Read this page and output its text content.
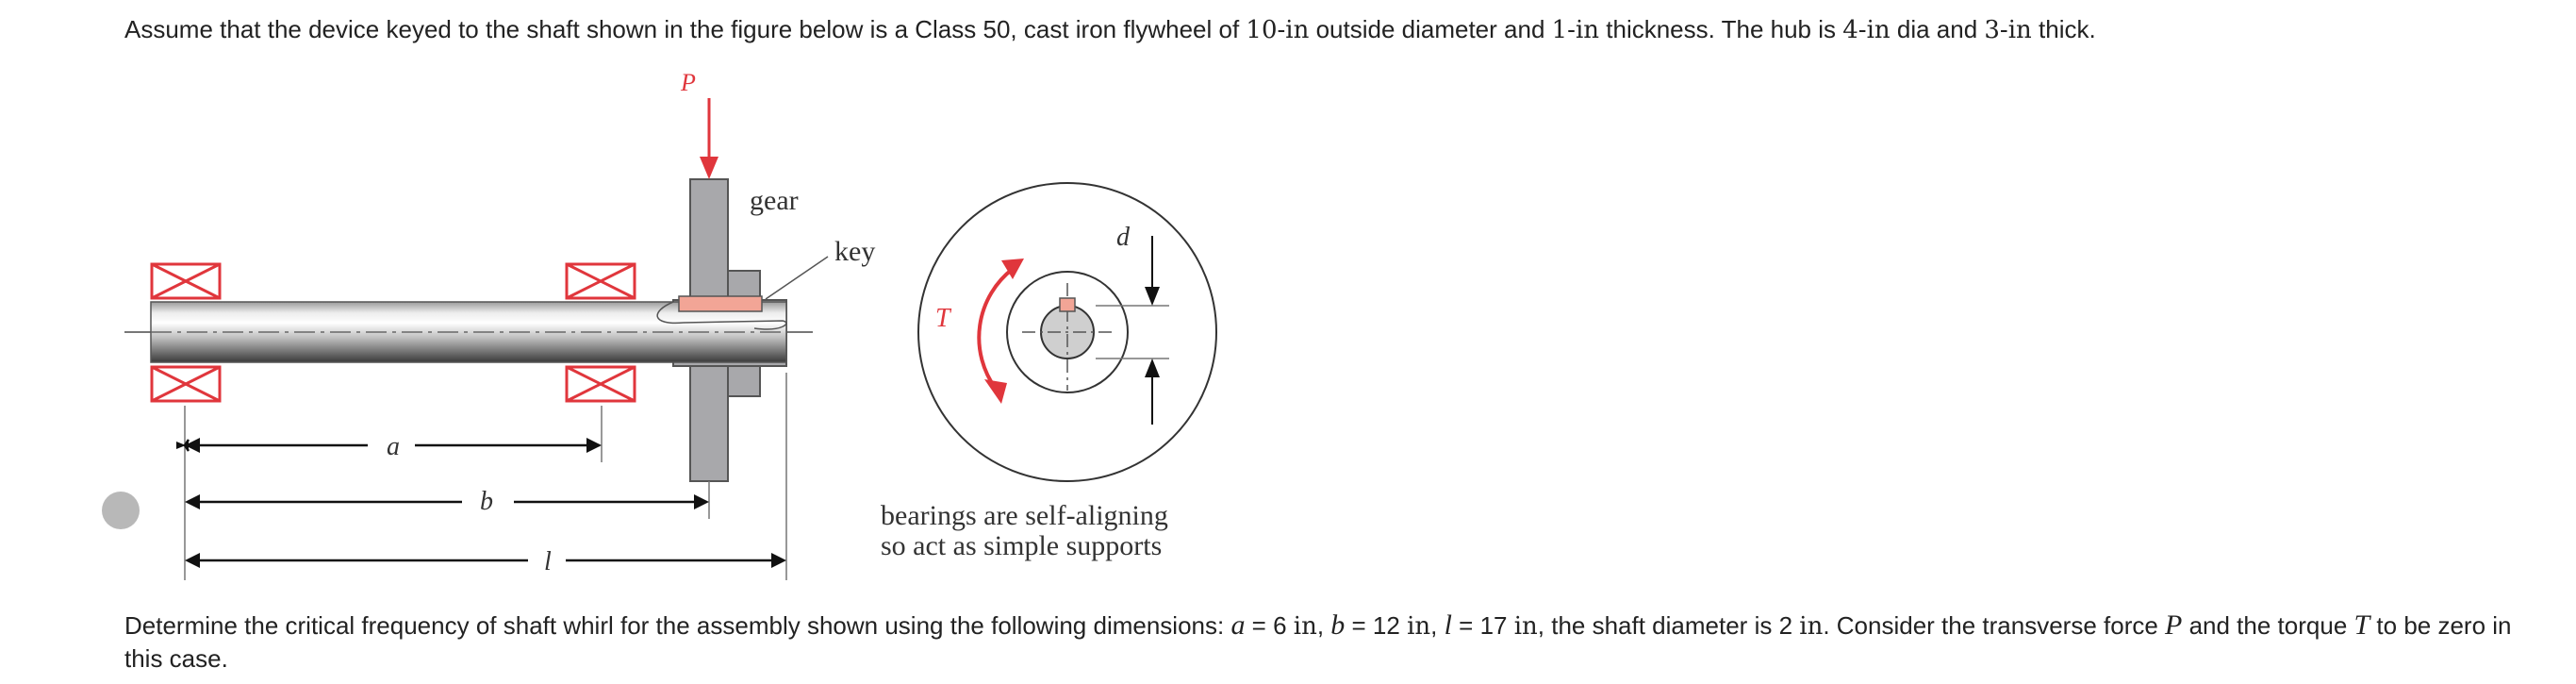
Assume that the device keyed to the shaft shown in the figure below is a Class 50, cast iron flywheel of 10-in outside diameter and 1-in thickness. The hub is 4-in dia and 3-in thick.

P
gear
key
a
b
l
T
d
bearings are self-aligning
so act as simple supports

Determine the critical frequency of shaft whirl for the assembly shown using the following dimensions: a = 6 in, b = 12 in, l = 17 in, the shaft diameter is 2 in. Consider the transverse force P and the torque T to be zero in this case.
